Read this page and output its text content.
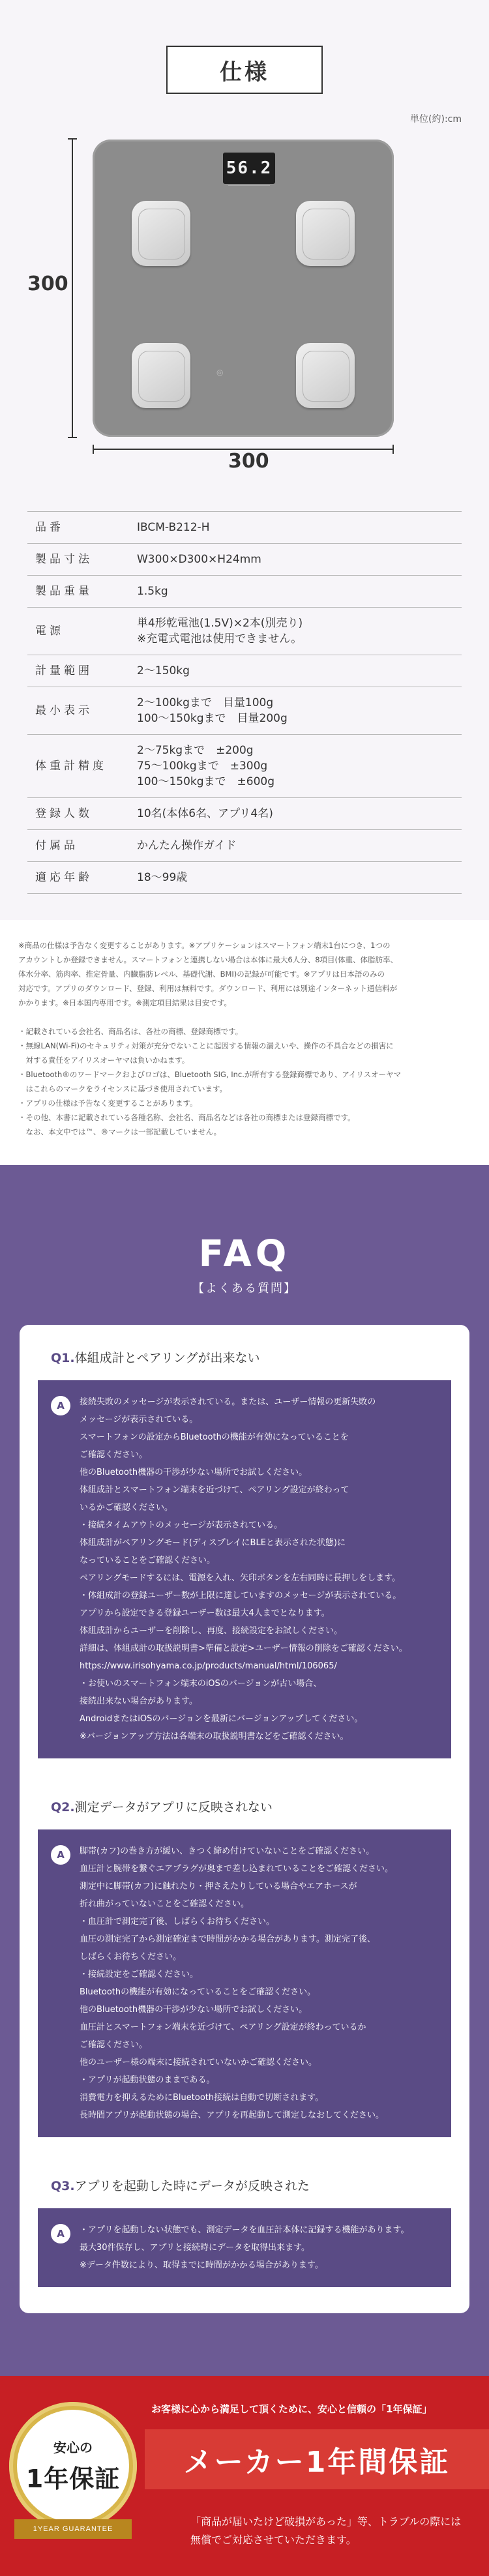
仕様
単位(約):cm
300
56.2
◎
300
品番	IBCM-B212-H
製品寸法	W300×D300×H24mm
製品重量	1.5kg
電源	単4形乾電池(1.5V)×2本(別売り)
※充電式電池は使用できません。
計量範囲	2〜150kg
最小表示	2〜100kgまで　目量100g
100〜150kgまで　目量200g
体重計精度	2〜75kgまで　±200g
75〜100kgまで　±300g
100〜150kgまで　±600g
登録人数	10名(本体6名、アプリ4名)
付属品	かんたん操作ガイド
適応年齢	18〜99歳

※商品の仕様は予告なく変更することがあります。※アプリケーションはスマートフォン端末1台につき、1つの

アカウントしか登録できません。スマートフォンと連携しない場合は本体に最大6人分、8項目(体重、体脂肪率、

体水分率、筋肉率、推定骨量、内臓脂肪レベル、基礎代謝、BMI)の記録が可能です。※アプリは日本語のみの

対応です。アプリのダウンロード、登録、利用は無料です。ダウンロード、利用には別途インターネット通信料が

かかります。※日本国内専用です。※測定項目結果は目安です。

・記載されている会社名、商品名は、各社の商標、登録商標です。

・無線LAN(Wi-Fi)のセキュリティ対策が充分でないことに起因する情報の漏えいや、操作の不具合などの損害に

　対する責任をアイリスオーヤマは負いかねます。

・Bluetooth®のワードマークおよびロゴは、Bluetooth SIG, Inc.が所有する登録商標であり、アイリスオーヤマ

　はこれらのマークをライセンスに基づき使用されています。

・アプリの仕様は予告なく変更することがあります。

・その他、本書に記載されている各種名称、会社名、商品名などは各社の商標または登録商標です。

　なお、本文中では™、®マークは一部記載していません。

FAQ
【よくある質問】
Q1.体組成計とペアリングが出来ない
A	接続失敗のメッセージが表示されている。または、ユーザー情報の更新失敗の
メッセージが表示されている。
スマートフォンの設定からBluetoothの機能が有効になっていることを
ご確認ください。
他のBluetooth機器の干渉が少ない場所でお試しください。
体組成計とスマートフォン端末を近づけて、ペアリング設定が終わって
いるかご確認ください。
・接続タイムアウトのメッセージが表示されている。
体組成計がペアリングモード(ディスプレイにBLEと表示された状態)に
なっていることをご確認ください。
ペアリングモードするには、電源を入れ、矢印ボタンを左右同時に長押しをします。
・体組成計の登録ユーザー数が上限に達していますのメッセージが表示されている。
アプリから設定できる登録ユーザー数は最大4人までとなります。
体組成計からユーザーを削除し、再度、接続設定をお試しください。
詳細は、体組成計の取扱説明書>準備と設定>ユーザー情報の削除をご確認ください。
https://www.irisohyama.co.jp/products/manual/html/106065/
・お使いのスマートフォン端末のiOSのバージョンが古い場合、
接続出来ない場合があります。
AndroidまたはiOSのバージョンを最新にバージョンアップしてください。
※バージョンアップ方法は各端末の取扱説明書などをご確認ください。
Q2.測定データがアプリに反映されない
A	脚帯(カフ)の巻き方が緩い、きつく締め付けていないことをご確認ください。
血圧計と腕帯を繋ぐエアプラグが奥まで差し込まれていることをご確認ください。
測定中に脚帯(カフ)に触れたり・押さえたりしている場合やエアホースが
折れ曲がっていないことをご確認ください。
・血圧計で測定完了後、しばらくお待ちください。
血圧の測定完了から測定確定まで時間がかかる場合があります。測定完了後、
しばらくお待ちください。
・接続設定をご確認ください。
Bluetoothの機能が有効になっていることをご確認ください。
他のBluetooth機器の干渉が少ない場所でお試しください。
血圧計とスマートフォン端末を近づけて、ペアリング設定が終わっているか
ご確認ください。
他のユーザー様の端末に接続されていないかご確認ください。
・アプリが起動状態のままである。
消費電力を抑えるためにBluetooth接続は自動で切断されます。
長時間アプリが起動状態の場合、アプリを再起動して測定しなおしてください。
Q3.アプリを起動した時にデータが反映された
A	・アプリを起動しない状態でも、測定データを血圧計本体に記録する機能があります。
最大30件保存し、アプリと接続時にデータを取得出来ます。
※データ件数により、取得までに時間がかかる場合があります。
安心の
1年保証
1YEAR GUARANTEE
お客様に心から満足して頂くために、安心と信頼の「1年保証」
メーカー1年間保証
「商品が届いたけど破損があった」等、トラブルの際には
無償でご対応させていただきます。
